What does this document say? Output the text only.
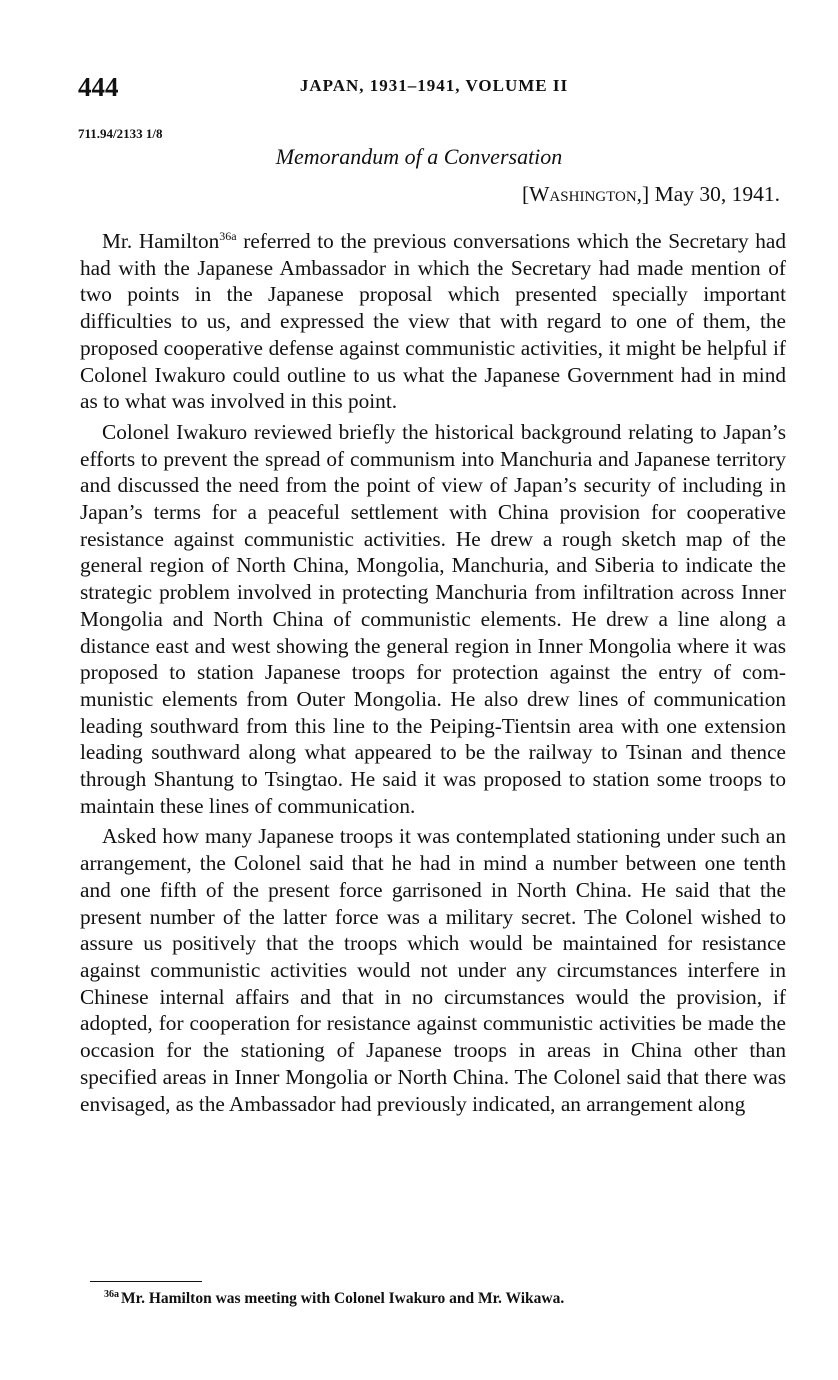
444	JAPAN, 1931–1941, VOLUME II
711.94/2133 1/8
Memorandum of a Conversation
[Washington,] May 30, 1941.

Mr. Hamilton$^{36a}$ referred to the previous conversations which the Secretary had had with the Japanese Ambassador in which the Secretary had made mention of two points in the Japanese proposal which presented specially important difficulties to us, and expressed the view that with regard to one of them, the proposed cooperative defense against communistic activities, it might be helpful if Colonel Iwakuro could outline to us what the Japanese Government had in mind as to what was involved in this point.

Colonel Iwakuro reviewed briefly the historical background relating to Japan’s efforts to prevent the spread of communism into Manchuria and Japanese territory and discussed the need from the point of view of Japan’s security of including in Japan’s terms for a peaceful settlement with China provision for cooperative resistance against communistic activities. He drew a rough sketch map of the general region of North China, Mongolia, Manchuria, and Siberia to indicate the strategic problem involved in protecting Manchuria from infiltration across Inner Mongolia and North China of communistic elements. He drew a line along a distance east and west showing the general region in Inner Mongolia where it was proposed to station Japanese troops for protection against the entry of communistic elements from Outer Mongolia. He also drew lines of communication leading southward from this line to the Peiping-Tientsin area with one extension leading southward along what appeared to be the railway to Tsinan and thence through Shantung to Tsingtao. He said it was proposed to station some troops to maintain these lines of communication.

Asked how many Japanese troops it was contemplated stationing under such an arrangement, the Colonel said that he had in mind a number between one tenth and one fifth of the present force garrisoned in North China. He said that the present number of the latter force was a military secret. The Colonel wished to assure us positively that the troops which would be maintained for resistance against communistic activities would not under any circumstances interfere in Chinese internal affairs and that in no circumstances would the provision, if adopted, for cooperation for resistance against communistic activities be made the occasion for the stationing of Japanese troops in areas in China other than specified areas in Inner Mongolia or North China. The Colonel said that there was envisaged, as the Ambassador had previously indicated, an arrangement along

$^{36a}$ Mr. Hamilton was meeting with Colonel Iwakuro and Mr. Wikawa.
